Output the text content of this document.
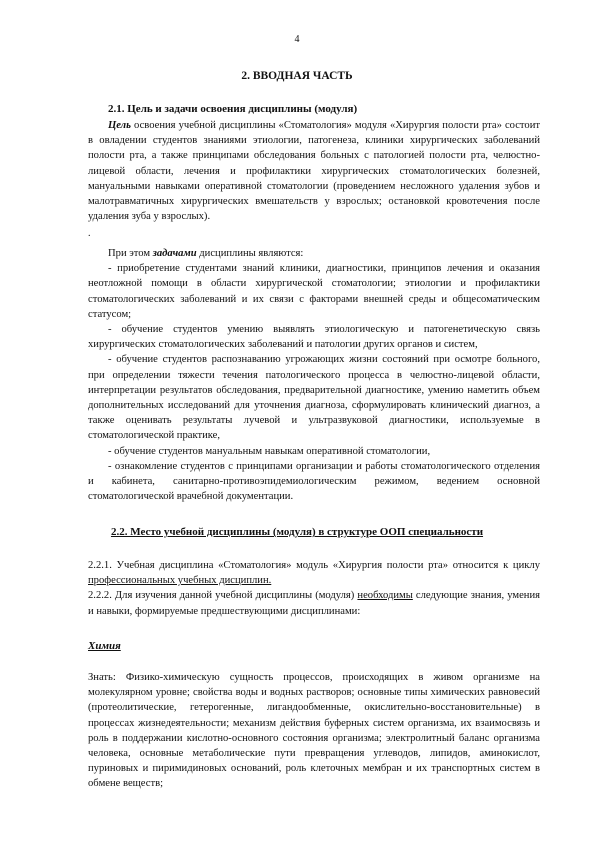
4
2. ВВОДНАЯ ЧАСТЬ
2.1. Цель и задачи освоения дисциплины (модуля)

Цель освоения учебной дисциплины «Стоматология» модуля «Хирургия полости рта» состоит в овладении студентов знаниями этиологии, патогенеза, клиники хирургических заболеваний полости рта, а также принципами обследования больных с патологией полости рта, челюстно-лицевой области, лечения и профилактики хирургических стоматологических болезней, мануальными навыками оперативной стоматологии (проведением несложного удаления зубов и малотравматичных хирургических вмешательств у взрослых; остановкой кровотечения после удаления зуба у взрослых).

.

При этом задачами дисциплины являются:

- приобретение студентами знаний клиники, диагностики, принципов лечения и оказания неотложной помощи в области хирургической стоматологии; этиологии и профилактики стоматологических заболеваний и их связи с факторами внешней среды и общесоматическим статусом;

- обучение студентов умению выявлять этиологическую и патогенетическую связь хирургических стоматологических заболеваний и патологии других органов и систем,

- обучение студентов распознаванию угрожающих жизни состояний при осмотре больного, при определении тяжести течения патологического процесса в челюстно-лицевой области, интерпретации результатов обследования, предварительной диагностике, умению наметить объем дополнительных исследований для уточнения диагноза, сформулировать клинический диагноз, а также оценивать результаты лучевой и ультразвуковой диагностики, используемые в стоматологической практике,

- обучение студентов мануальным навыкам оперативной стоматологии,

- ознакомление студентов с принципами организации и работы стоматологического отделения и кабинета, санитарно-противоэпидемиологическим режимом, ведением основной стоматологической врачебной документации.

2.2. Место учебной дисциплины (модуля) в структуре ООП специальности

2.2.1. Учебная дисциплина «Стоматология» модуль «Хирургия полости рта» относится к циклу профессиональных учебных дисциплин.

2.2.2. Для изучения данной учебной дисциплины (модуля) необходимы следующие знания, умения и навыки, формируемые предшествующими дисциплинами:

Химия

Знать: Физико-химическую сущность процессов, происходящих в живом организме на молекулярном уровне; свойства воды и водных растворов; основные типы химических равновесий (протеолитические, гетерогенные, лигандообменные, окислительно-восстановительные) в процессах жизнедеятельности; механизм действия буферных систем организма, их взаимосвязь и роль в поддержании кислотно-основного состояния организма; электролитный баланс организма человека, основные метаболические пути превращения углеводов, липидов, аминокислот, пуриновых и пиримидиновых оснований, роль клеточных мембран и их транспортных систем в обмене веществ;
